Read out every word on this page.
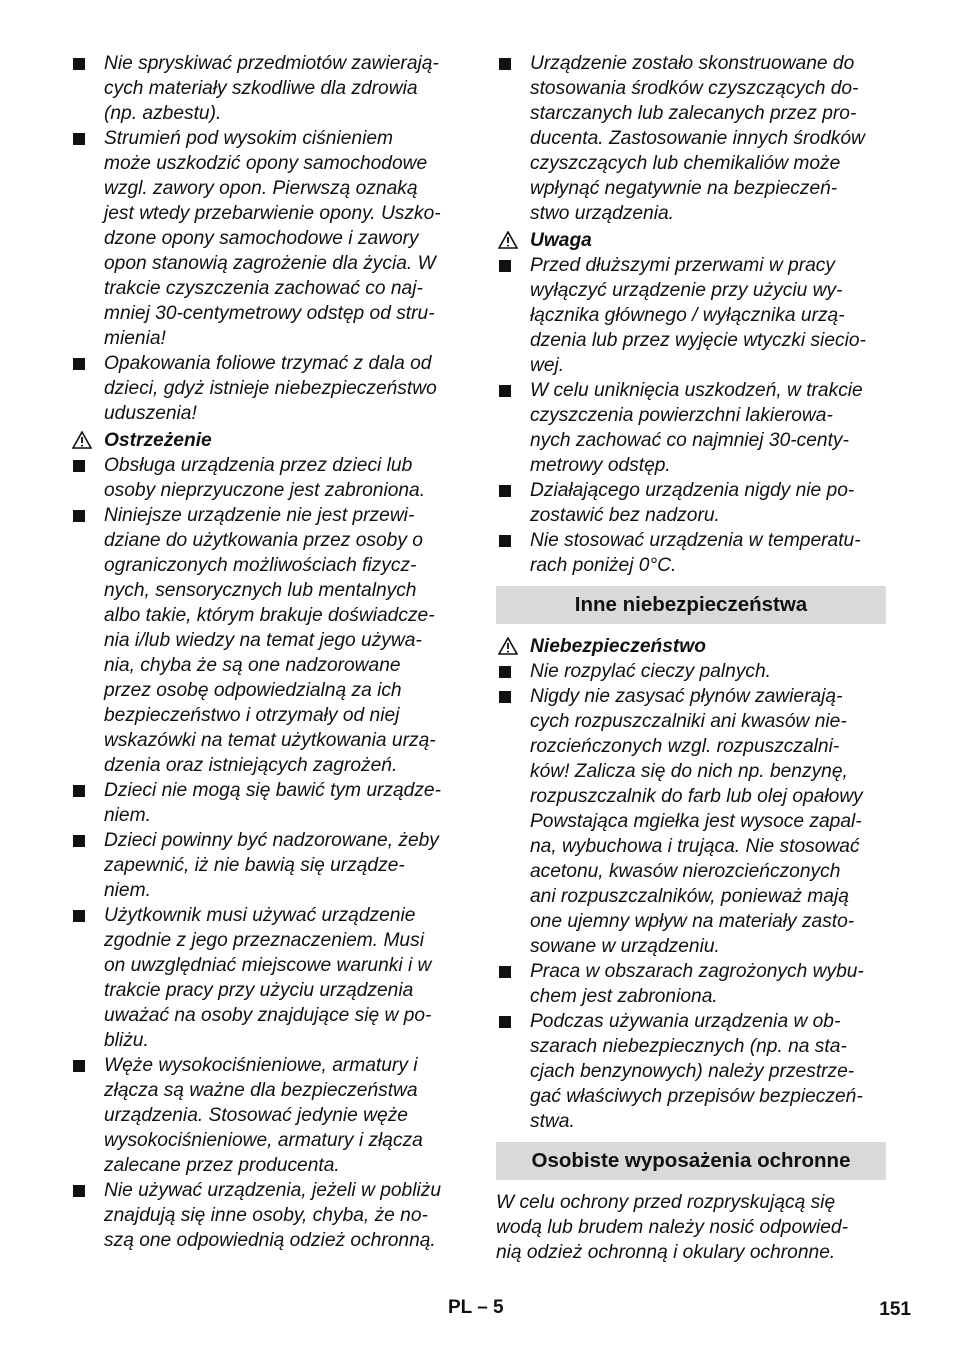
Nie spryskiwać przedmiotów zawierają-
cych materiały szkodliwe dla zdrowia
(np. azbestu).
Strumień pod wysokim ciśnieniem
może uszkodzić opony samochodowe
wzgl. zawory opon. Pierwszą oznaką
jest wtedy przebarwienie opony. Uszko-
dzone opony samochodowe i zawory
opon stanowią zagrożenie dla życia. W
trakcie czyszczenia zachować co naj-
mniej 30-centymetrowy odstęp od stru-
mienia!
Opakowania foliowe trzymać z dala od
dzieci, gdyż istnieje niebezpieczeństwo
uduszenia!
Ostrzeżenie
Obsługa urządzenia przez dzieci lub
osoby nieprzyuczone jest zabroniona.
Niniejsze urządzenie nie jest przewi-
dziane do użytkowania przez osoby o
ograniczonych możliwościach fizycz-
nych, sensorycznych lub mentalnych
albo takie, którym brakuje doświadcze-
nia i/lub wiedzy na temat jego używa-
nia, chyba że są one nadzorowane
przez osobę odpowiedzialną za ich
bezpieczeństwo i otrzymały od niej
wskazówki na temat użytkowania urzą-
dzenia oraz istniejących zagrożeń.
Dzieci nie mogą się bawić tym urządze-
niem.
Dzieci powinny być nadzorowane, żeby
zapewnić, iż nie bawią się urządze-
niem.
Użytkownik musi używać urządzenie
zgodnie z jego przeznaczeniem. Musi
on uwzględniać miejscowe warunki i w
trakcie pracy przy użyciu urządzenia
uważać na osoby znajdujące się w po-
bliżu.
Węże wysokociśnieniowe, armatury i
złącza są ważne dla bezpieczeństwa
urządzenia. Stosować jedynie węże
wysokociśnieniowe, armatury i złącza
zalecane przez producenta.
Nie używać urządzenia, jeżeli w pobliżu
znajdują się inne osoby, chyba, że no-
szą one odpowiednią odzież ochronną.
Urządzenie zostało skonstruowane do
stosowania środków czyszczących do-
starczanych lub zalecanych przez pro-
ducenta. Zastosowanie innych środków
czyszczących lub chemikaliów może
wpłynąć negatywnie na bezpieczeń-
stwo urządzenia.
Uwaga
Przed dłuższymi przerwami w pracy
wyłączyć urządzenie przy użyciu wy-
łącznika głównego / wyłącznika urzą-
dzenia lub przez wyjęcie wtyczki siecio-
wej.
W celu uniknięcia uszkodzeń, w trakcie
czyszczenia powierzchni lakierowa-
nych zachować co najmniej 30-centy-
metrowy odstęp.
Działającego urządzenia nigdy nie po-
zostawić bez nadzoru.
Nie stosować urządzenia w temperatu-
rach poniżej 0°C.
Inne niebezpieczeństwa
Niebezpieczeństwo
Nie rozpylać cieczy palnych.
Nigdy nie zasysać płynów zawierają-
cych rozpuszczalniki ani kwasów nie-
rozcieńczonych wzgl. rozpuszczalni-
ków! Zalicza się do nich np. benzynę,
rozpuszczalnik do farb lub olej opałowy
Powstająca mgiełka jest wysoce zapal-
na, wybuchowa i trująca. Nie stosować
acetonu, kwasów nierozcieńczonych
ani rozpuszczalników, ponieważ mają
one ujemny wpływ na materiały zasto-
sowane w urządzeniu.
Praca w obszarach zagrożonych wybu-
chem jest zabroniona.
Podczas używania urządzenia w ob-
szarach niebezpiecznych (np. na sta-
cjach benzynowych) należy przestrze-
gać właściwych przepisów bezpieczeń-
stwa.
Osobiste wyposażenia ochronne
W celu ochrony przed rozpryskującą się
wodą lub brudem należy nosić odpowied-
nią odzież ochronną i okulary ochronne.
PL – 5	151
